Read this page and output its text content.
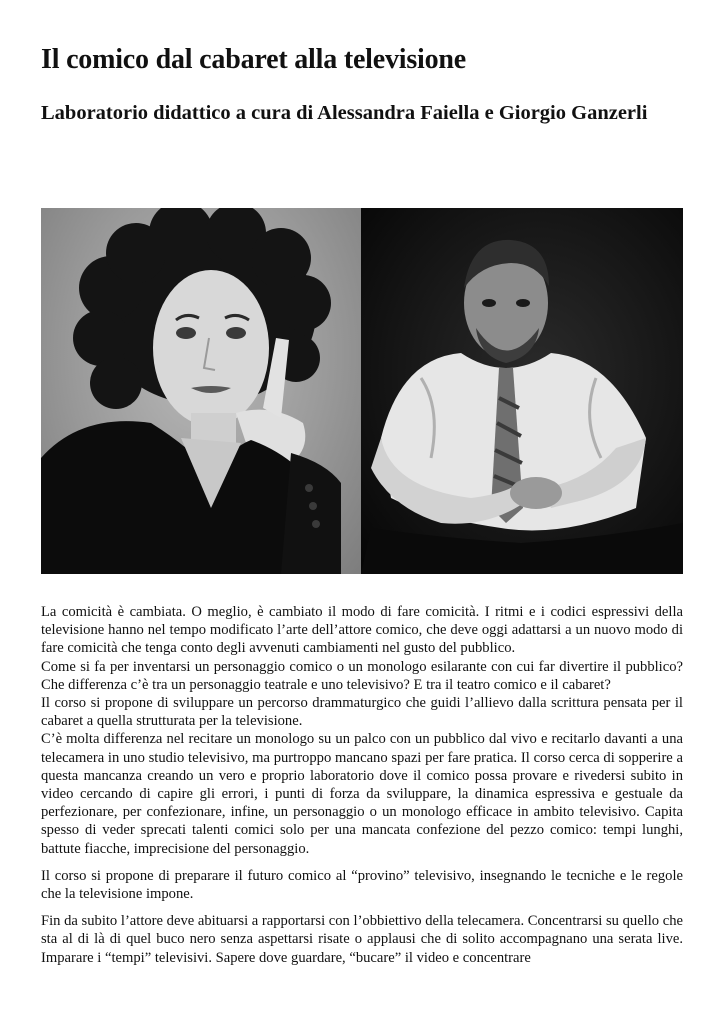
Il comico dal cabaret alla televisione
Laboratorio didattico a cura di Alessandra Faiella e Giorgio Ganzerli

La comicità è cambiata. O meglio, è cambiato il modo di fare comicità. I ritmi e i codici espressivi della televisione hanno nel tempo modificato l’arte dell’attore comico, che deve oggi adattarsi a un nuovo modo di fare comicità che tenga conto degli avvenuti cambiamenti nel gusto del pubblico.

Come si fa per inventarsi un personaggio comico o un monologo esilarante con cui far divertire il pubblico? Che differenza c’è tra un personaggio teatrale e uno televisivo? E tra il teatro comico e il cabaret?

Il corso si propone di sviluppare un percorso drammaturgico che guidi l’allievo dalla scrittura pensata per il cabaret a quella strutturata per la televisione.

C’è molta differenza nel recitare un monologo su un palco con un pubblico dal vivo e recitarlo davanti a una telecamera in uno studio televisivo, ma purtroppo mancano spazi per fare pratica. Il corso cerca di sopperire a questa mancanza creando un vero e proprio laboratorio dove il comico possa provare e rivedersi subito in video cercando di capire gli errori, i punti di forza da sviluppare, la dinamica espressiva e gestuale da perfezionare, per confezionare, infine, un personaggio o un monologo efficace in ambito televisivo. Capita spesso di veder sprecati talenti comici solo per una mancata confezione del pezzo comico: tempi lunghi, battute fiacche, imprecisione del personaggio.

Il corso si propone di preparare il futuro comico al “provino” televisivo, insegnando le tecniche e le regole che la televisione impone.

Fin da subito l’attore deve abituarsi a rapportarsi con l’obbiettivo della telecamera. Concentrarsi su quello che sta al di là di quel buco nero senza aspettarsi risate o applausi che di solito accompagnano una serata live. Imparare i “tempi” televisivi. Sapere dove guardare, “bucare” il video e concentrare
